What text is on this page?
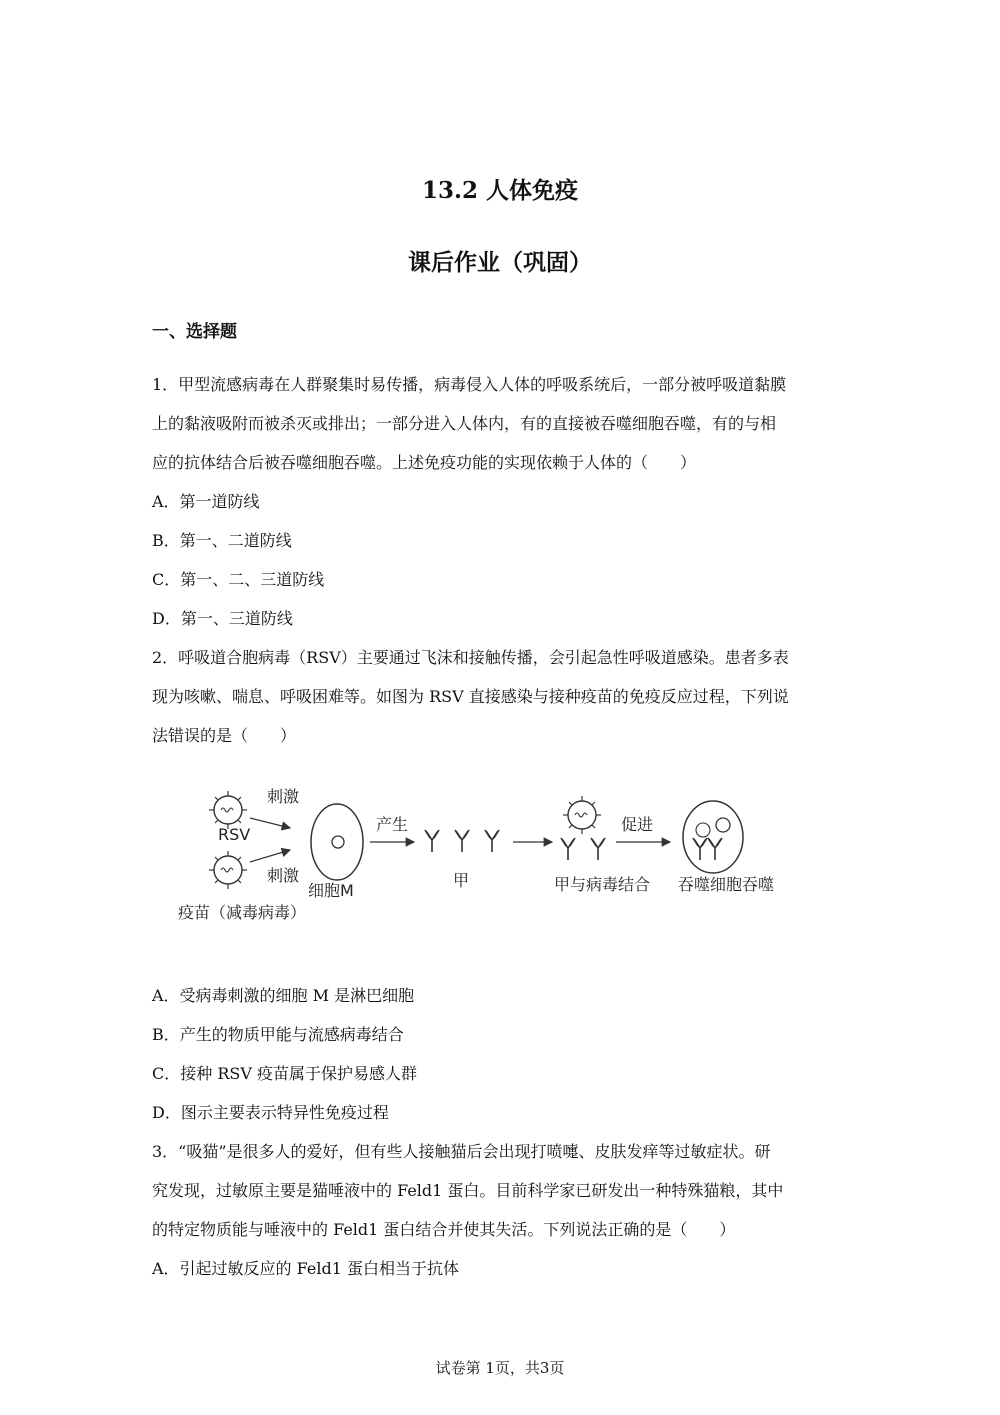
13.2 人体免疫
课后作业（巩固）
一、选择题
1．甲型流感病毒在人群聚集时易传播，病毒侵入人体的呼吸系统后，一部分被呼吸道黏膜
上的黏液吸附而被杀灭或排出；一部分进入人体内，有的直接被吞噬细胞吞噬，有的与相
应的抗体结合后被吞噬细胞吞噬。上述免疫功能的实现依赖于人体的（　　）
A．第一道防线
B．第一、二道防线
C．第一、二、三道防线
D．第一、三道防线
2．呼吸道合胞病毒（RSV）主要通过飞沫和接触传播，会引起急性呼吸道感染。患者多表
现为咳嗽、喘息、呼吸困难等。如图为 RSV 直接感染与接种疫苗的免疫反应过程，下列说
法错误的是（　　）
RSV
刺激
刺激
疫苗（减毒病毒）
细胞M
产生
甲	甲与病毒结合
促进
吞噬细胞吞噬
A．受病毒刺激的细胞 M 是淋巴细胞
B．产生的物质甲能与流感病毒结合
C．接种 RSV 疫苗属于保护易感人群
D．图示主要表示特异性免疫过程
3．“吸猫”是很多人的爱好，但有些人接触猫后会出现打喷嚏、皮肤发痒等过敏症状。研
究发现，过敏原主要是猫唾液中的 Feld1 蛋白。目前科学家已研发出一种特殊猫粮，其中
的特定物质能与唾液中的 Feld1 蛋白结合并使其失活。下列说法正确的是（　　）
A．引起过敏反应的 Feld1 蛋白相当于抗体
试卷第 1页，共3页
